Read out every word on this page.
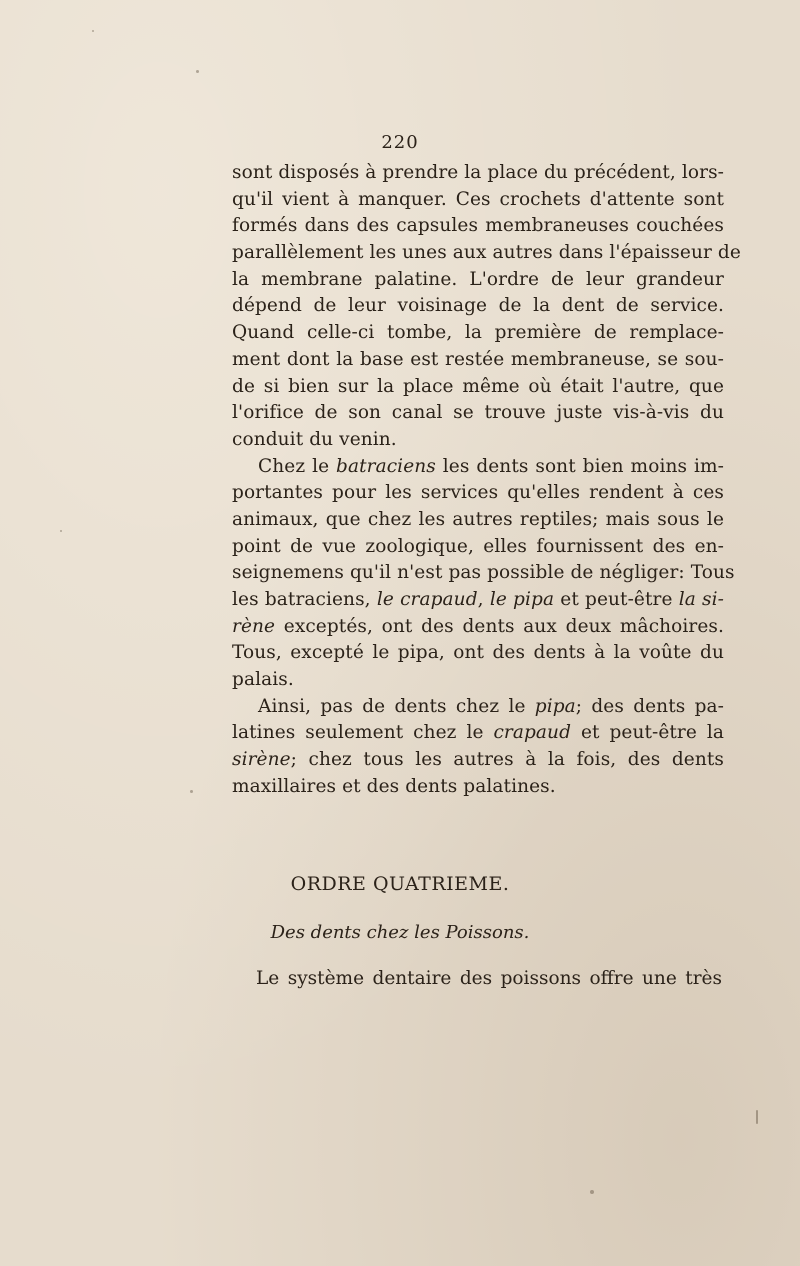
220
sont disposés à prendre la place du précédent, lors-
qu'il vient à manquer. Ces crochets d'attente sont
formés dans des capsules membraneuses couchées
parallèlement les unes aux autres dans l'épaisseur de
la membrane palatine. L'ordre de leur grandeur
dépend de leur voisinage de la dent de service.
Quand celle-ci tombe, la première de remplace-
ment dont la base est restée membraneuse, se sou-
de si bien sur la place même où était l'autre, que
l'orifice de son canal se trouve juste vis-à-vis du
conduit du venin.
Chez le batraciens les dents sont bien moins im-
portantes pour les services qu'elles rendent à ces
animaux, que chez les autres reptiles; mais sous le
point de vue zoologique, elles fournissent des en-
seignemens qu'il n'est pas possible de négliger: Tous
les batraciens, le crapaud, le pipa et peut-être la si-
rène exceptés, ont des dents aux deux mâchoires.
Tous, excepté le pipa, ont des dents à la voûte du
palais.
Ainsi, pas de dents chez le pipa; des dents pa-
latines seulement chez le crapaud et peut-être la
sirène; chez tous les autres à la fois, des dents
maxillaires et des dents palatines.
ORDRE QUATRIEME.
Des dents chez les Poissons.
Le système dentaire des poissons offre une très
